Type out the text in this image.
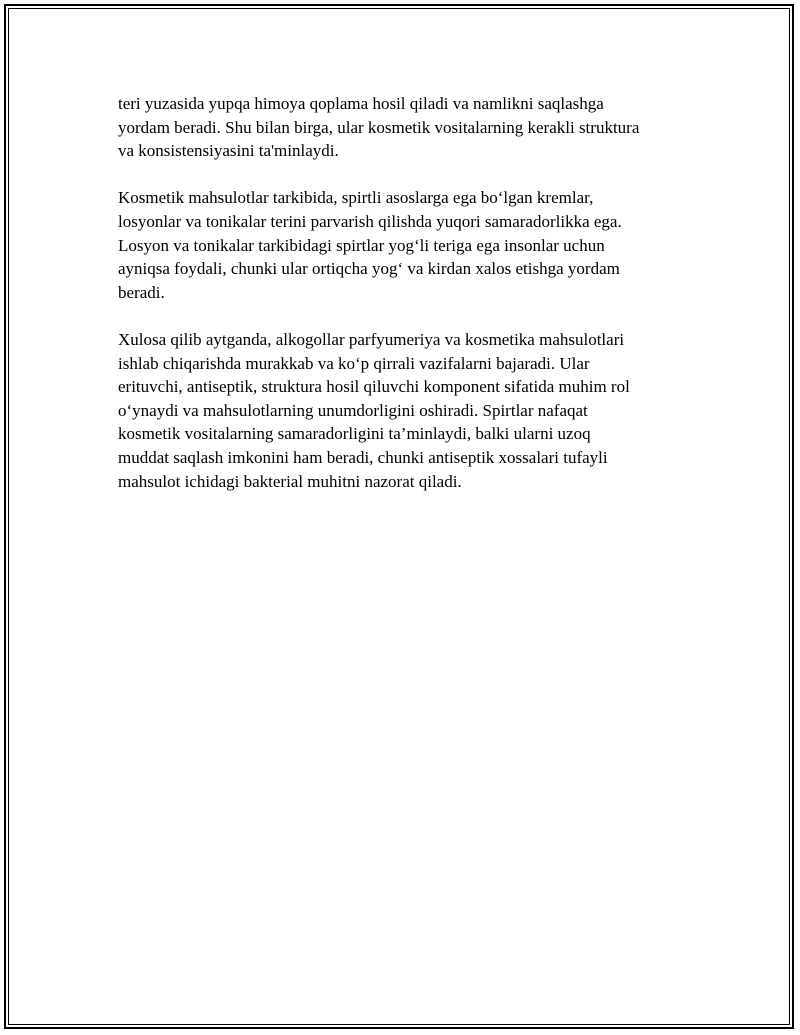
teri yuzasida yupqa himoya qoplama hosil qiladi va namlikni saqlashga
yordam beradi. Shu bilan birga, ular kosmetik vositalarning kerakli struktura
va konsistensiyasini ta'minlaydi.

Kosmetik mahsulotlar tarkibida, spirtli asoslarga ega bo‘lgan kremlar,
losyonlar va tonikalar terini parvarish qilishda yuqori samaradorlikka ega.
Losyon va tonikalar tarkibidagi spirtlar yog‘li teriga ega insonlar uchun
ayniqsa foydali, chunki ular ortiqcha yog‘ va kirdan xalos etishga yordam
beradi.

Xulosa qilib aytganda, alkogollar parfyumeriya va kosmetika mahsulotlari
ishlab chiqarishda murakkab va ko‘p qirrali vazifalarni bajaradi. Ular
erituvchi, antiseptik, struktura hosil qiluvchi komponent sifatida muhim rol
o‘ynaydi va mahsulotlarning unumdorligini oshiradi. Spirtlar nafaqat
kosmetik vositalarning samaradorligini ta’minlaydi, balki ularni uzoq
muddat saqlash imkonini ham beradi, chunki antiseptik xossalari tufayli
mahsulot ichidagi bakterial muhitni nazorat qiladi.
